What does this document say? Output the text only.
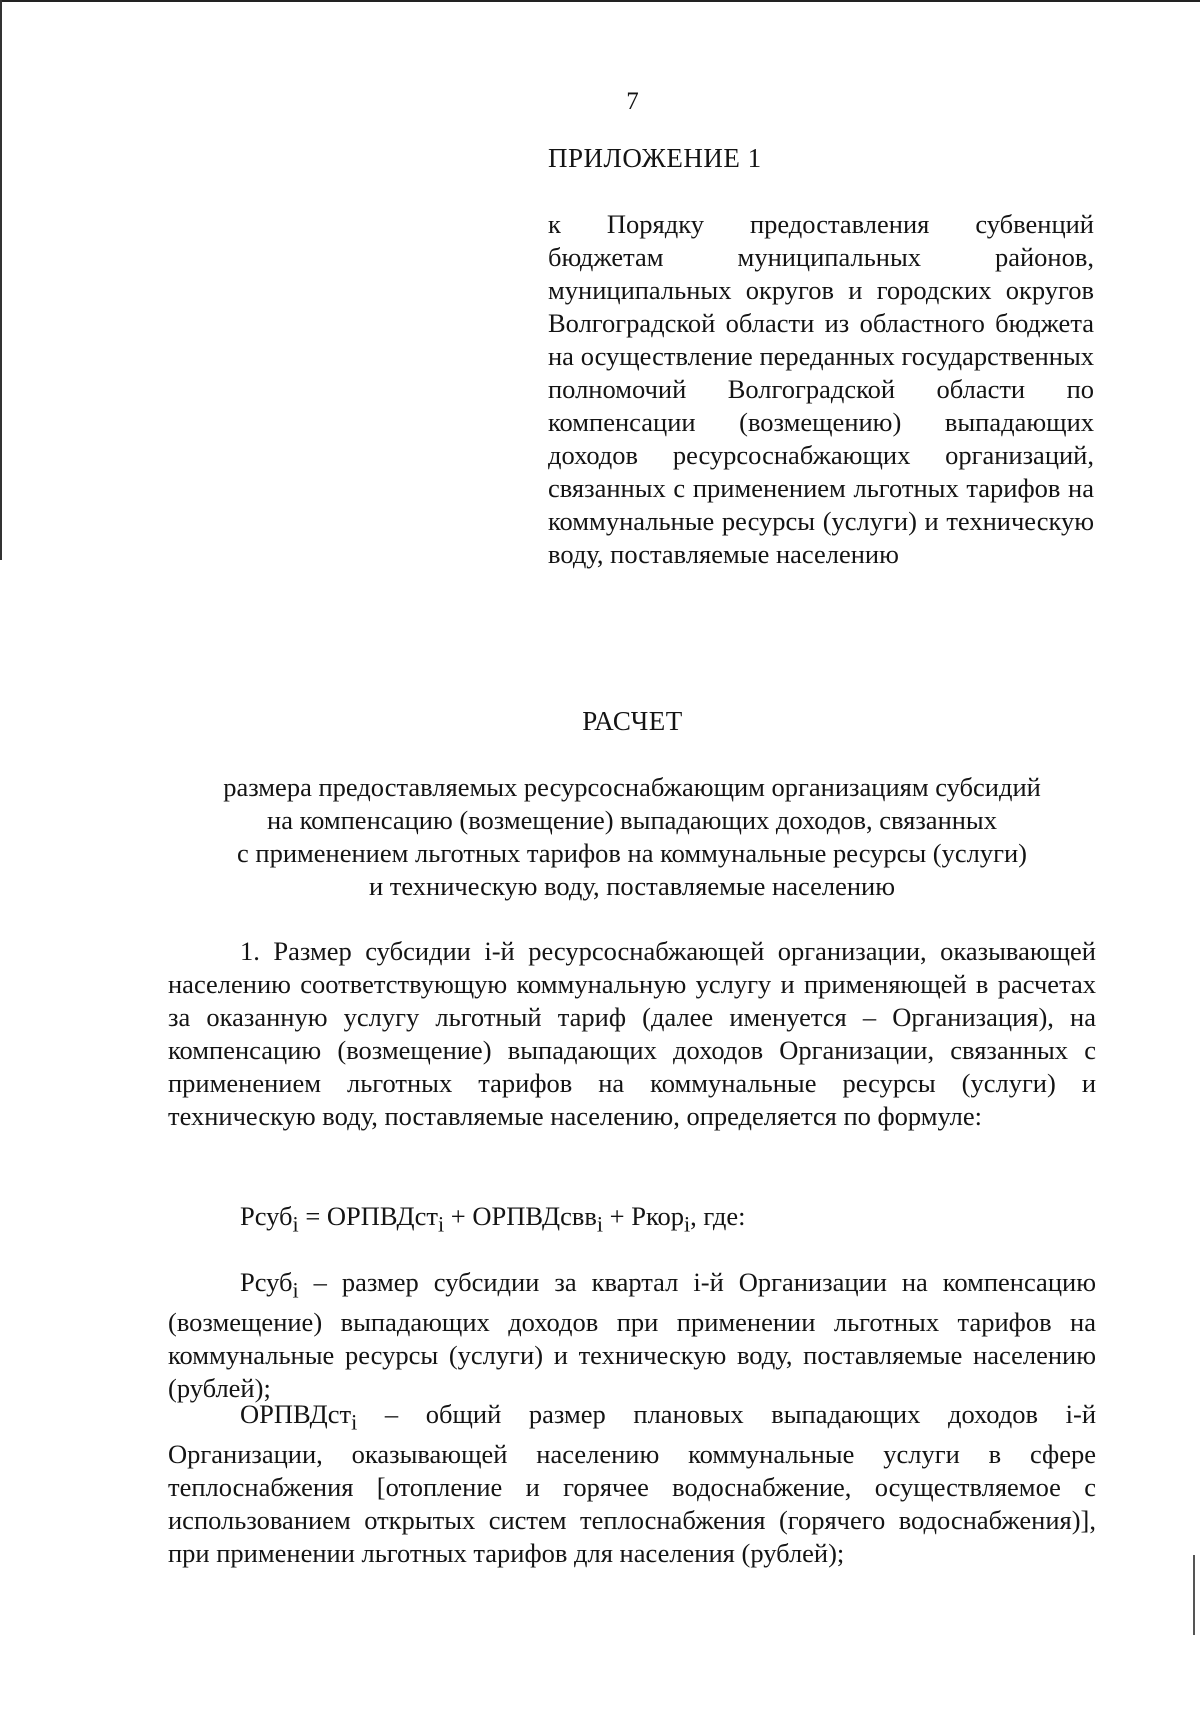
7
ПРИЛОЖЕНИЕ 1
к Порядку предоставления субвенций бюджетам муниципальных районов, муниципальных округов и городских округов Волгоградской области из областного бюджета на осуществление переданных государственных полномочий Волгоградской области по компенсации (возмещению) выпадающих доходов ресурсоснабжающих организаций, связанных с применением льготных тарифов на коммунальные ресурсы (услуги) и техническую воду, поставляемые населению
РАСЧЕТ
размера предоставляемых ресурсоснабжающим организациям субсидий
на компенсацию (возмещение) выпадающих доходов, связанных
с применением льготных тарифов на коммунальные ресурсы (услуги)
и техническую воду, поставляемые населению

1. Размер субсидии i-й ресурсоснабжающей организации, оказывающей населению соответствующую коммунальную услугу и применяющей в расчетах за оказанную услугу льготный тариф (далее именуется – Организация), на компенсацию (возмещение) выпадающих доходов Организации, связанных с применением льготных тарифов на коммунальные ресурсы (услуги) и техническую воду, поставляемые населению, определяется по формуле:

Рсуб$_i$ = ОРПВДст$_i$ + ОРПВДсвв$_i$ + Ркор$_i$, где:

Рсуб$_i$ – размер субсидии за квартал i-й Организации на компенсацию (возмещение) выпадающих доходов при применении льготных тарифов на коммунальные ресурсы (услуги) и техническую воду, поставляемые населению (рублей);

ОРПВДст$_i$ – общий размер плановых выпадающих доходов i-й Организации, оказывающей населению коммунальные услуги в сфере теплоснабжения [отопление и горячее водоснабжение, осуществляемое с использованием открытых систем теплоснабжения (горячего водоснабжения)], при применении льготных тарифов для населения (рублей);
